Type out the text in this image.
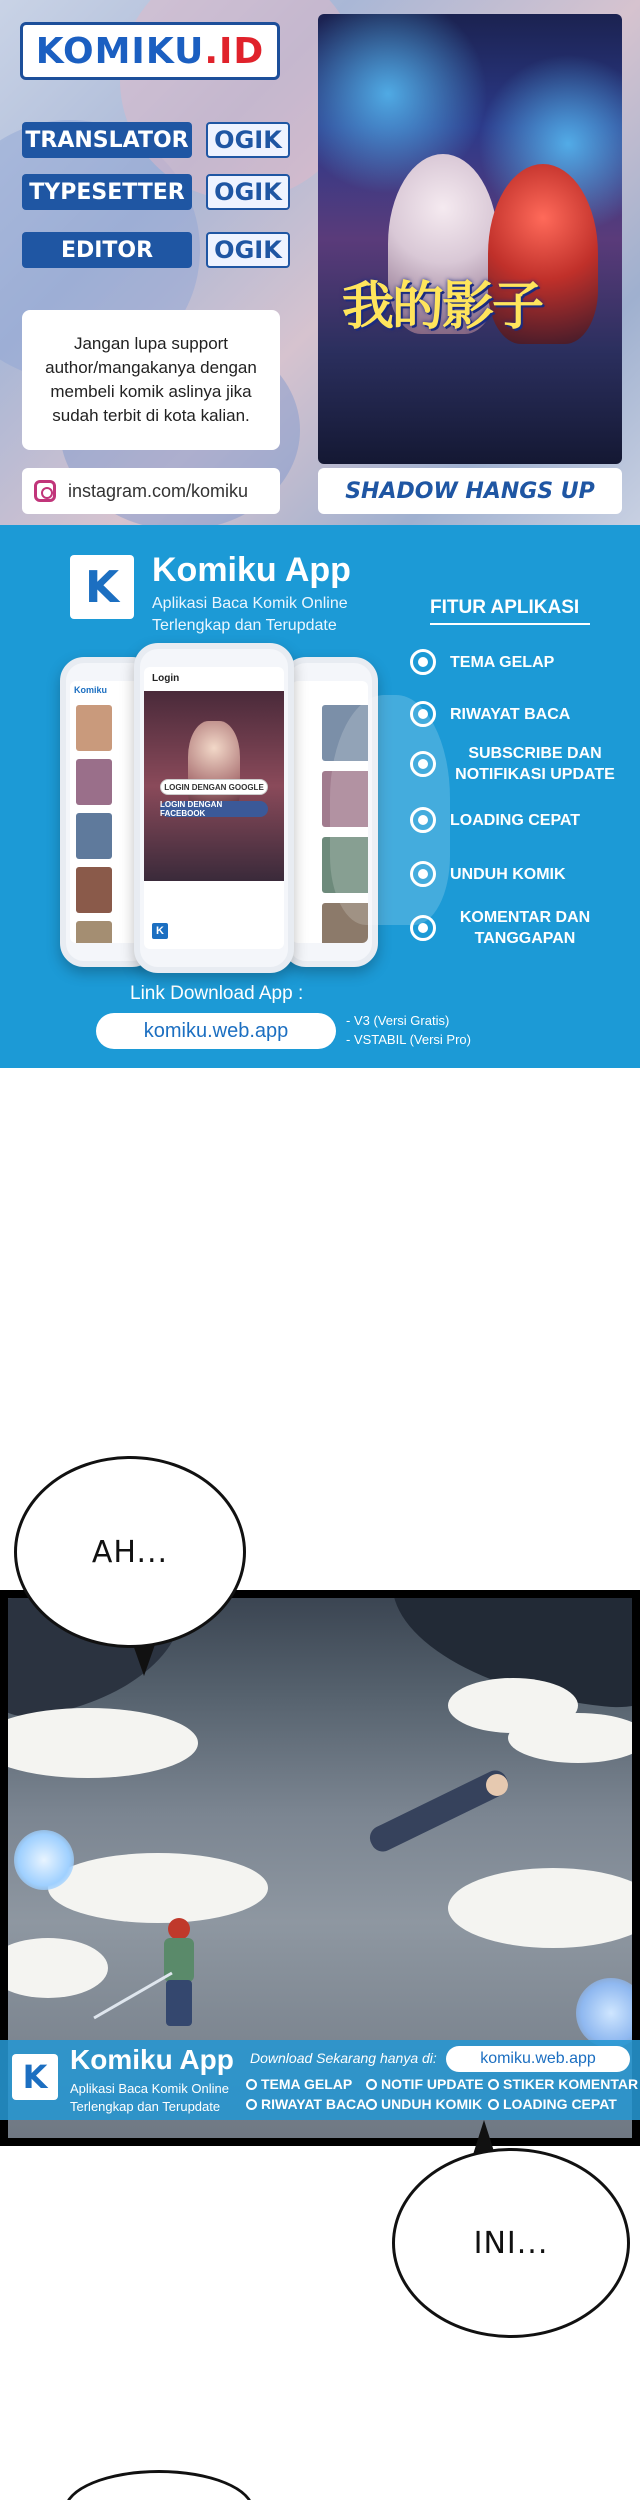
KOMIKU.ID
TRANSLATOR	OGIK
TYPESETTER	OGIK
EDITOR	OGIK
Jangan lupa support author/mangakanya dengan membeli komik aslinya jika sudah terbit di kota kalian.
instagram.com/komiku
我的影子
SHADOW HANGS UP
K Komiku App
Aplikasi Baca Komik Online Terlengkap dan Terupdate
Komiku
Login
LOGIN DENGAN GOOGLE
LOGIN DENGAN FACEBOOK
K
FITUR APLIKASI
TEMA GELAP
RIWAYAT BACA
SUBSCRIBE DAN NOTIFIKASI UPDATE
LOADING CEPAT
UNDUH KOMIK
KOMENTAR DAN TANGGAPAN
Link Download App :
komiku.web.app	- V3 (Versi Gratis)
- VSTABIL (Versi Pro)
AH...
K Komiku App
Aplikasi Baca Komik Online Terlengkap dan Terupdate
Download Sekarang hanya di:	komiku.web.app
TEMA GELAP NOTIF UPDATE STIKER KOMENTAR
RIWAYAT BACA UNDUH KOMIK LOADING CEPAT
INI...
